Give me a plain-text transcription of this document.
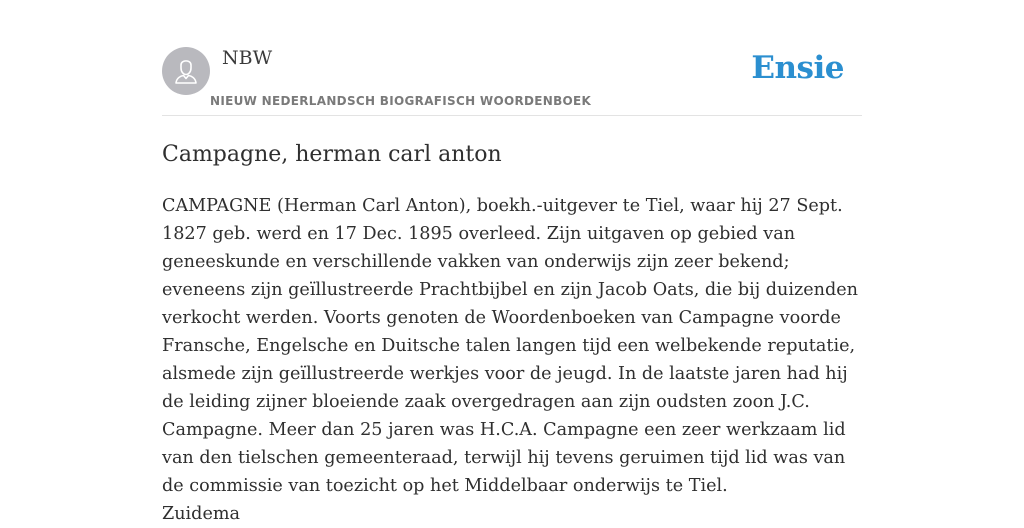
NBW
NIEUW NEDERLANDSCH BIOGRAFISCH WOORDENBOEK
Ensie
Campagne, herman carl anton
CAMPAGNE (Herman Carl Anton), boekh.-uitgever te Tiel, waar hij 27 Sept. 1827 geb. werd en 17 Dec. 1895 overleed. Zijn uitgaven op gebied van geneeskunde en verschillende vakken van onderwijs zijn zeer bekend; eveneens zijn geïllustreerde Prachtbijbel en zijn Jacob Oats, die bij duizenden verkocht werden. Voorts genoten de Woordenboeken van Campagne voorde Fransche, Engelsche en Duitsche talen langen tijd een welbekende reputatie, alsmede zijn geïllustreerde werkjes voor de jeugd. In de laatste jaren had hij de leiding zijner bloeiende zaak overgedragen aan zijn oudsten zoon J.C. Campagne. Meer dan 25 jaren was H.C.A. Campagne een zeer werkzaam lid van den tielschen gemeenteraad, terwijl hij tevens geruimen tijd lid was van de commissie van toezicht op het Middelbaar onderwijs te Tiel.
Zuidema
